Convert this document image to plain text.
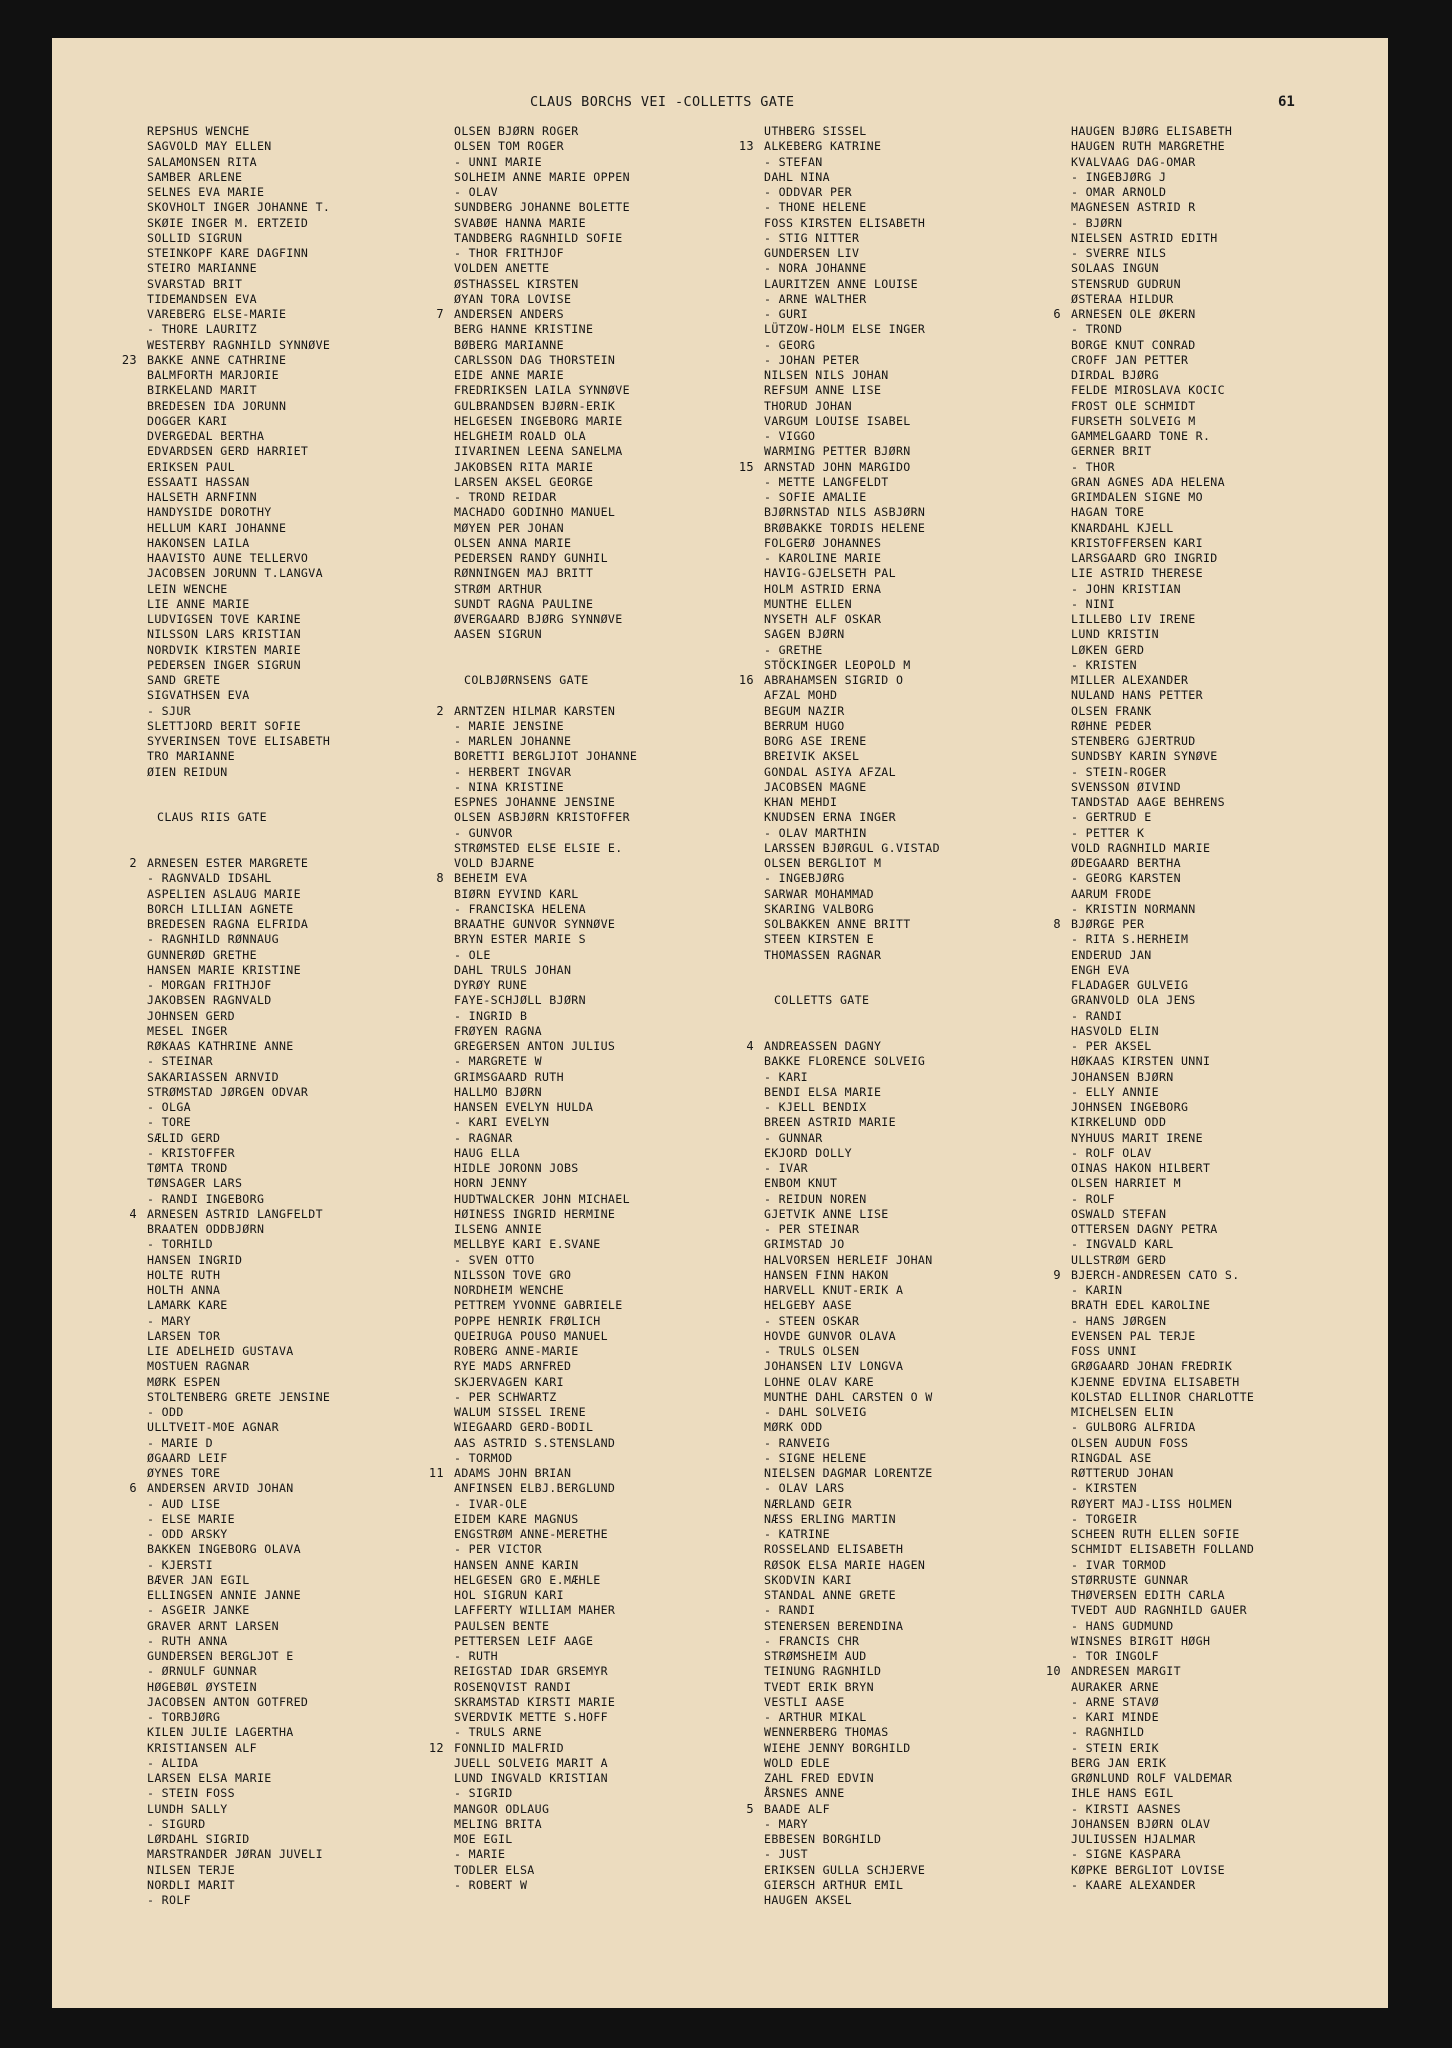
CLAUS BORCHS VEI -COLLETTS GATE	61
REPSHUS WENCHE
SAGVOLD MAY ELLEN
SALAMONSEN RITA
SAMBER ARLENE
SELNES EVA MARIE
SKOVHOLT INGER JOHANNE T.
SKØIE INGER M. ERTZEID
SOLLID SIGRUN
STEINKOPF KARE DAGFINN
STEIRO MARIANNE
SVARSTAD BRIT
TIDEMANDSEN EVA
VAREBERG ELSE-MARIE
- THORE LAURITZ
WESTERBY RAGNHILD SYNNØVE
23 BAKKE ANNE CATHRINE
BALMFORTH MARJORIE
BIRKELAND MARIT
BREDESEN IDA JORUNN
DOGGER KARI
DVERGEDAL BERTHA
EDVARDSEN GERD HARRIET
ERIKSEN PAUL
ESSAATI HASSAN
HALSETH ARNFINN
HANDYSIDE DOROTHY
HELLUM KARI JOHANNE
HAKONSEN LAILA
HAAVISTO AUNE TELLERVO
JACOBSEN JORUNN T.LANGVA
LEIN WENCHE
LIE ANNE MARIE
LUDVIGSEN TOVE KARINE
NILSSON LARS KRISTIAN
NORDVIK KIRSTEN MARIE
PEDERSEN INGER SIGRUN
SAND GRETE
SIGVATHSEN EVA
- SJUR
SLETTJORD BERIT SOFIE
SYVERINSEN TOVE ELISABETH
TRO MARIANNE
ØIEN REIDUN
CLAUS RIIS GATE
2 ARNESEN ESTER MARGRETE
- RAGNVALD IDSAHL
ASPELIEN ASLAUG MARIE
BORCH LILLIAN AGNETE
BREDESEN RAGNA ELFRIDA
- RAGNHILD RØNNAUG
GUNNERØD GRETHE
HANSEN MARIE KRISTINE
- MORGAN FRITHJOF
JAKOBSEN RAGNVALD
JOHNSEN GERD
MESEL INGER
RØKAAS KATHRINE ANNE
- STEINAR
SAKARIASSEN ARNVID
STRØMSTAD JØRGEN ODVAR
- OLGA
- TORE
SÆLID GERD
- KRISTOFFER
TØMTA TROND
TØNSAGER LARS
- RANDI INGEBORG
4 ARNESEN ASTRID LANGFELDT
BRAATEN ODDBJØRN
- TORHILD
HANSEN INGRID
HOLTE RUTH
HOLTH ANNA
LAMARK KARE
- MARY
LARSEN TOR
LIE ADELHEID GUSTAVA
MOSTUEN RAGNAR
MØRK ESPEN
STOLTENBERG GRETE JENSINE
- ODD
ULLTVEIT-MOE AGNAR
- MARIE D
ØGAARD LEIF
ØYNES TORE
6 ANDERSEN ARVID JOHAN
- AUD LISE
- ELSE MARIE
- ODD ARSKY
BAKKEN INGEBORG OLAVA
- KJERSTI
BÆVER JAN EGIL
ELLINGSEN ANNIE JANNE
- ASGEIR JANKE
GRAVER ARNT LARSEN
- RUTH ANNA
GUNDERSEN BERGLJOT E
- ØRNULF GUNNAR
HØGEBØL ØYSTEIN
JACOBSEN ANTON GOTFRED
- TORBJØRG
KILEN JULIE LAGERTHA
KRISTIANSEN ALF
- ALIDA
LARSEN ELSA MARIE
- STEIN FOSS
LUNDH SALLY
- SIGURD
LØRDAHL SIGRID
MARSTRANDER JØRAN JUVELI
NILSEN TERJE
NORDLI MARIT
- ROLF
OLSEN BJØRN ROGER
OLSEN TOM ROGER
- UNNI MARIE
SOLHEIM ANNE MARIE OPPEN
- OLAV
SUNDBERG JOHANNE BOLETTE
SVABØE HANNA MARIE
TANDBERG RAGNHILD SOFIE
- THOR FRITHJOF
VOLDEN ANETTE
ØSTHASSEL KIRSTEN
ØYAN TORA LOVISE
7 ANDERSEN ANDERS
BERG HANNE KRISTINE
BØBERG MARIANNE
CARLSSON DAG THORSTEIN
EIDE ANNE MARIE
FREDRIKSEN LAILA SYNNØVE
GULBRANDSEN BJØRN-ERIK
HELGESEN INGEBORG MARIE
HELGHEIM ROALD OLA
IIVARINEN LEENA SANELMA
JAKOBSEN RITA MARIE
LARSEN AKSEL GEORGE
- TROND REIDAR
MACHADO GODINHO MANUEL
MØYEN PER JOHAN
OLSEN ANNA MARIE
PEDERSEN RANDY GUNHIL
RØNNINGEN MAJ BRITT
STRØM ARTHUR
SUNDT RAGNA PAULINE
ØVERGAARD BJØRG SYNNØVE
AASEN SIGRUN
COLBJØRNSENS GATE
2 ARNTZEN HILMAR KARSTEN
- MARIE JENSINE
- MARLEN JOHANNE
BORETTI BERGLJIOT JOHANNE
- HERBERT INGVAR
- NINA KRISTINE
ESPNES JOHANNE JENSINE
OLSEN ASBJØRN KRISTOFFER
- GUNVOR
STRØMSTED ELSE ELSIE E.
VOLD BJARNE
8 BEHEIM EVA
BIØRN EYVIND KARL
- FRANCISKA HELENA
BRAATHE GUNVOR SYNNØVE
BRYN ESTER MARIE S
- OLE
DAHL TRULS JOHAN
DYRØY RUNE
FAYE-SCHJØLL BJØRN
- INGRID B
FRØYEN RAGNA
GREGERSEN ANTON JULIUS
- MARGRETE W
GRIMSGAARD RUTH
HALLMO BJØRN
HANSEN EVELYN HULDA
- KARI EVELYN
- RAGNAR
HAUG ELLA
HIDLE JORONN JOBS
HORN JENNY
HUDTWALCKER JOHN MICHAEL
HØINESS INGRID HERMINE
ILSENG ANNIE
MELLBYE KARI E.SVANE
- SVEN OTTO
NILSSON TOVE GRO
NORDHEIM WENCHE
PETTREM YVONNE GABRIELE
POPPE HENRIK FRØLICH
QUEIRUGA POUSO MANUEL
ROBERG ANNE-MARIE
RYE MADS ARNFRED
SKJERVAGEN KARI
- PER SCHWARTZ
WALUM SISSEL IRENE
WIEGAARD GERD-BODIL
AAS ASTRID S.STENSLAND
- TORMOD
11 ADAMS JOHN BRIAN
ANFINSEN ELBJ.BERGLUND
- IVAR-OLE
EIDEM KARE MAGNUS
ENGSTRØM ANNE-MERETHE
- PER VICTOR
HANSEN ANNE KARIN
HELGESEN GRO E.MÆHLE
HOL SIGRUN KARI
LAFFERTY WILLIAM MAHER
PAULSEN BENTE
PETTERSEN LEIF AAGE
- RUTH
REIGSTAD IDAR GRSEMYR
ROSENQVIST RANDI
SKRAMSTAD KIRSTI MARIE
SVERDVIK METTE S.HOFF
- TRULS ARNE
12 FONNLID MALFRID
JUELL SOLVEIG MARIT A
LUND INGVALD KRISTIAN
- SIGRID
MANGOR ODLAUG
MELING BRITA
MOE EGIL
- MARIE
TODLER ELSA
- ROBERT W
UTHBERG SISSEL
13 ALKEBERG KATRINE
- STEFAN
DAHL NINA
- ODDVAR PER
- THONE HELENE
FOSS KIRSTEN ELISABETH
- STIG NITTER
GUNDERSEN LIV
- NORA JOHANNE
LAURITZEN ANNE LOUISE
- ARNE WALTHER
- GURI
LÜTZOW-HOLM ELSE INGER
- GEORG
- JOHAN PETER
NILSEN NILS JOHAN
REFSUM ANNE LISE
THORUD JOHAN
VARGUM LOUISE ISABEL
- VIGGO
WARMING PETTER BJØRN
15 ARNSTAD JOHN MARGIDO
- METTE LANGFELDT
- SOFIE AMALIE
BJØRNSTAD NILS ASBJØRN
BRØBAKKE TORDIS HELENE
FOLGERØ JOHANNES
- KAROLINE MARIE
HAVIG-GJELSETH PAL
HOLM ASTRID ERNA
MUNTHE ELLEN
NYSETH ALF OSKAR
SAGEN BJØRN
- GRETHE
STÖCKINGER LEOPOLD M
16 ABRAHAMSEN SIGRID O
AFZAL MOHD
BEGUM NAZIR
BERRUM HUGO
BORG ASE IRENE
BREIVIK AKSEL
GONDAL ASIYA AFZAL
JACOBSEN MAGNE
KHAN MEHDI
KNUDSEN ERNA INGER
- OLAV MARTHIN
LARSSEN BJØRGUL G.VISTAD
OLSEN BERGLIOT M
- INGEBJØRG
SARWAR MOHAMMAD
SKARING VALBORG
SOLBAKKEN ANNE BRITT
STEEN KIRSTEN E
THOMASSEN RAGNAR
COLLETTS GATE
4 ANDREASSEN DAGNY
BAKKE FLORENCE SOLVEIG
- KARI
BENDI ELSA MARIE
- KJELL BENDIX
BREEN ASTRID MARIE
- GUNNAR
EKJORD DOLLY
- IVAR
ENBOM KNUT
- REIDUN NOREN
GJETVIK ANNE LISE
- PER STEINAR
GRIMSTAD JO
HALVORSEN HERLEIF JOHAN
HANSEN FINN HAKON
HARVELL KNUT-ERIK A
HELGEBY AASE
- STEEN OSKAR
HOVDE GUNVOR OLAVA
- TRULS OLSEN
JOHANSEN LIV LONGVA
LOHNE OLAV KARE
MUNTHE DAHL CARSTEN O W
- DAHL SOLVEIG
MØRK ODD
- RANVEIG
- SIGNE HELENE
NIELSEN DAGMAR LORENTZE
- OLAV LARS
NÆRLAND GEIR
NÆSS ERLING MARTIN
- KATRINE
ROSSELAND ELISABETH
RØSOK ELSA MARIE HAGEN
SKODVIN KARI
STANDAL ANNE GRETE
- RANDI
STENERSEN BERENDINA
- FRANCIS CHR
STRØMSHEIM AUD
TEINUNG RAGNHILD
TVEDT ERIK BRYN
VESTLI AASE
- ARTHUR MIKAL
WENNERBERG THOMAS
WIEHE JENNY BORGHILD
WOLD EDLE
ZAHL FRED EDVIN
ÅRSNES ANNE
5 BAADE ALF
- MARY
EBBESEN BORGHILD
- JUST
ERIKSEN GULLA SCHJERVE
GIERSCH ARTHUR EMIL
HAUGEN AKSEL
HAUGEN BJØRG ELISABETH
HAUGEN RUTH MARGRETHE
KVALVAAG DAG-OMAR
- INGEBJØRG J
- OMAR ARNOLD
MAGNESEN ASTRID R
- BJØRN
NIELSEN ASTRID EDITH
- SVERRE NILS
SOLAAS INGUN
STENSRUD GUDRUN
ØSTERAA HILDUR
6 ARNESEN OLE ØKERN
- TROND
BORGE KNUT CONRAD
CROFF JAN PETTER
DIRDAL BJØRG
FELDE MIROSLAVA KOCIC
FROST OLE SCHMIDT
FURSETH SOLVEIG M
GAMMELGAARD TONE R.
GERNER BRIT
- THOR
GRAN AGNES ADA HELENA
GRIMDALEN SIGNE MO
HAGAN TORE
KNARDAHL KJELL
KRISTOFFERSEN KARI
LARSGAARD GRO INGRID
LIE ASTRID THERESE
- JOHN KRISTIAN
- NINI
LILLEBO LIV IRENE
LUND KRISTIN
LØKEN GERD
- KRISTEN
MILLER ALEXANDER
NULAND HANS PETTER
OLSEN FRANK
RØHNE PEDER
STENBERG GJERTRUD
SUNDSBY KARIN SYNØVE
- STEIN-ROGER
SVENSSON ØIVIND
TANDSTAD AAGE BEHRENS
- GERTRUD E
- PETTER K
VOLD RAGNHILD MARIE
ØDEGAARD BERTHA
- GEORG KARSTEN
AARUM FRODE
- KRISTIN NORMANN
8 BJØRGE PER
- RITA S.HERHEIM
ENDERUD JAN
ENGH EVA
FLADAGER GULVEIG
GRANVOLD OLA JENS
- RANDI
HASVOLD ELIN
- PER AKSEL
HØKAAS KIRSTEN UNNI
JOHANSEN BJØRN
- ELLY ANNIE
JOHNSEN INGEBORG
KIRKELUND ODD
NYHUUS MARIT IRENE
- ROLF OLAV
OINAS HAKON HILBERT
OLSEN HARRIET M
- ROLF
OSWALD STEFAN
OTTERSEN DAGNY PETRA
- INGVALD KARL
ULLSTRØM GERD
9 BJERCH-ANDRESEN CATO S.
- KARIN
BRATH EDEL KAROLINE
- HANS JØRGEN
EVENSEN PAL TERJE
FOSS UNNI
GRØGAARD JOHAN FREDRIK
KJENNE EDVINA ELISABETH
KOLSTAD ELLINOR CHARLOTTE
MICHELSEN ELIN
- GULBORG ALFRIDA
OLSEN AUDUN FOSS
RINGDAL ASE
RØTTERUD JOHAN
- KIRSTEN
RØYERT MAJ-LISS HOLMEN
- TORGEIR
SCHEEN RUTH ELLEN SOFIE
SCHMIDT ELISABETH FOLLAND
- IVAR TORMOD
STØRRUSTE GUNNAR
THØVERSEN EDITH CARLA
TVEDT AUD RAGNHILD GAUER
- HANS GUDMUND
WINSNES BIRGIT HØGH
- TOR INGOLF
10 ANDRESEN MARGIT
AURAKER ARNE
- ARNE STAVØ
- KARI MINDE
- RAGNHILD
- STEIN ERIK
BERG JAN ERIK
GRØNLUND ROLF VALDEMAR
IHLE HANS EGIL
- KIRSTI AASNES
JOHANSEN BJØRN OLAV
JULIUSSEN HJALMAR
- SIGNE KASPARA
KØPKE BERGLIOT LOVISE
- KAARE ALEXANDER
